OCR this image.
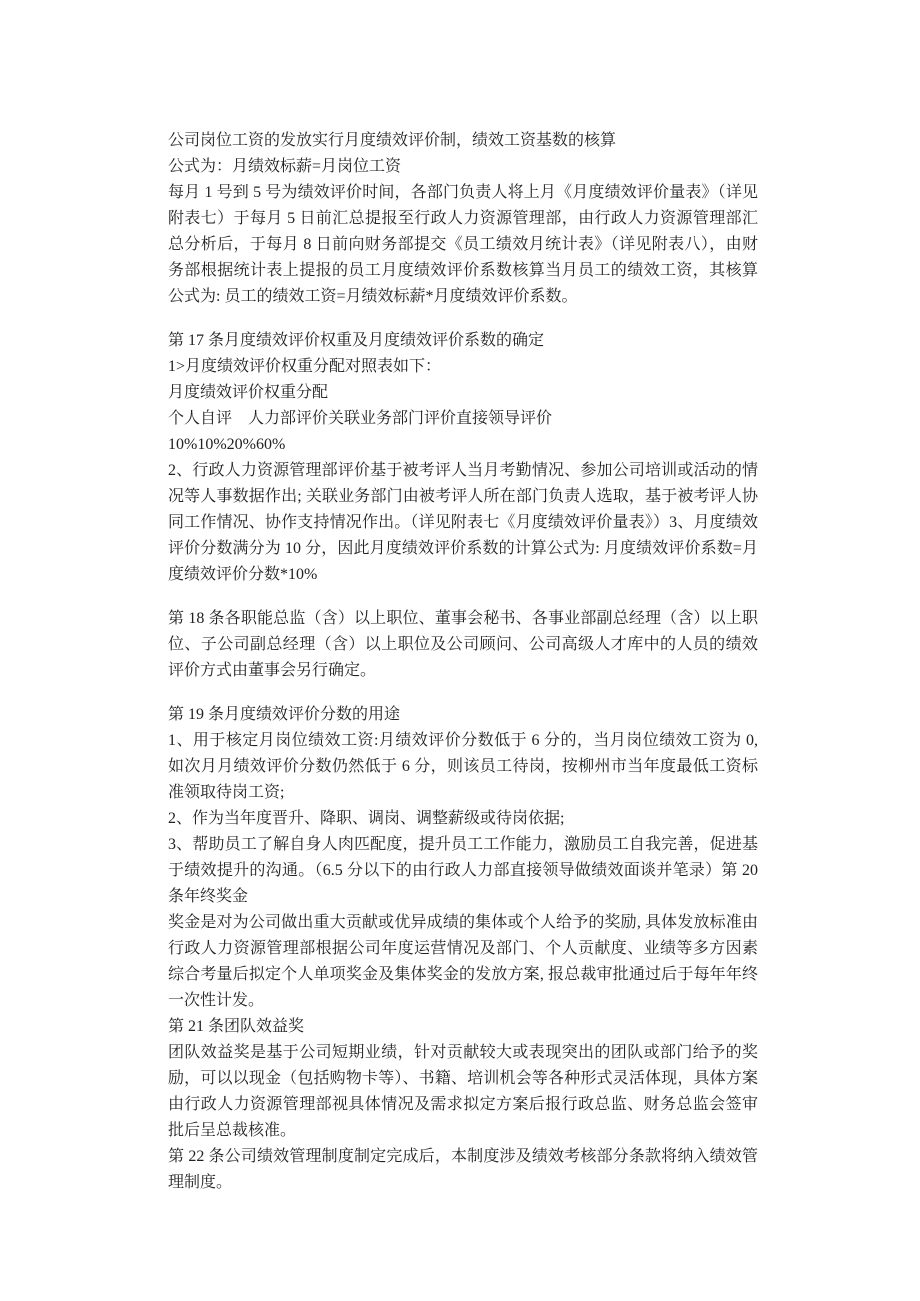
公司岗位工资的发放实行月度绩效评价制，绩效工资基数的核算
公式为：月绩效标薪=月岗位工资
每月 1 号到 5 号为绩效评价时间，各部门负责人将上月《月度绩效评价量表》（详见附表七）于每月 5 日前汇总提报至行政人力资源管理部，由行政人力资源管理部汇总分析后，于每月 8 日前向财务部提交《员工绩效月统计表》（详见附表八），由财务部根据统计表上提报的员工月度绩效评价系数核算当月员工的绩效工资，其核算公式为: 员工的绩效工资=月绩效标薪*月度绩效评价系数。
第 17 条月度绩效评价权重及月度绩效评价系数的确定
1>月度绩效评价权重分配对照表如下：
月度绩效评价权重分配
个人自评    人力部评价关联业务部门评价直接领导评价
10%10%20%60%
2、行政人力资源管理部评价基于被考评人当月考勤情况、参加公司培训或活动的情况等人事数据作出; 关联业务部门由被考评人所在部门负责人选取，基于被考评人协同工作情况、协作支持情况作出。（详见附表七《月度绩效评价量表》）3、月度绩效评价分数满分为 10 分，因此月度绩效评价系数的计算公式为: 月度绩效评价系数=月度绩效评价分数*10%
第 18 条各职能总监（含）以上职位、董事会秘书、各事业部副总经理（含）以上职位、子公司副总经理（含）以上职位及公司顾问、公司高级人才库中的人员的绩效评价方式由董事会另行确定。
第 19 条月度绩效评价分数的用途
1、用于核定月岗位绩效工资:月绩效评价分数低于 6 分的，当月岗位绩效工资为 0, 如次月月绩效评价分数仍然低于 6 分，则该员工待岗，按柳州市当年度最低工资标准领取待岗工资;
2、作为当年度晋升、降职、调岗、调整薪级或待岗依据;
3、帮助员工了解自身人肉匹配度，提升员工工作能力，激励员工自我完善，促进基于绩效提升的沟通。（6.5 分以下的由行政人力部直接领导做绩效面谈并笔录）第 20 条年终奖金
奖金是对为公司做出重大贡献或优异成绩的集体或个人给予的奖励, 具体发放标准由行政人力资源管理部根据公司年度运营情况及部门、个人贡献度、业绩等多方因素综合考量后拟定个人单项奖金及集体奖金的发放方案, 报总裁审批通过后于每年年终一次性计发。
第 21 条团队效益奖
团队效益奖是基于公司短期业绩，针对贡献较大或表现突出的团队或部门给予的奖励，可以以现金（包括购物卡等）、书籍、培训机会等各种形式灵活体现，具体方案由行政人力资源管理部视具体情况及需求拟定方案后报行政总监、财务总监会签审批后呈总裁核准。
第 22 条公司绩效管理制度制定完成后，本制度涉及绩效考核部分条款将纳入绩效管理制度。
